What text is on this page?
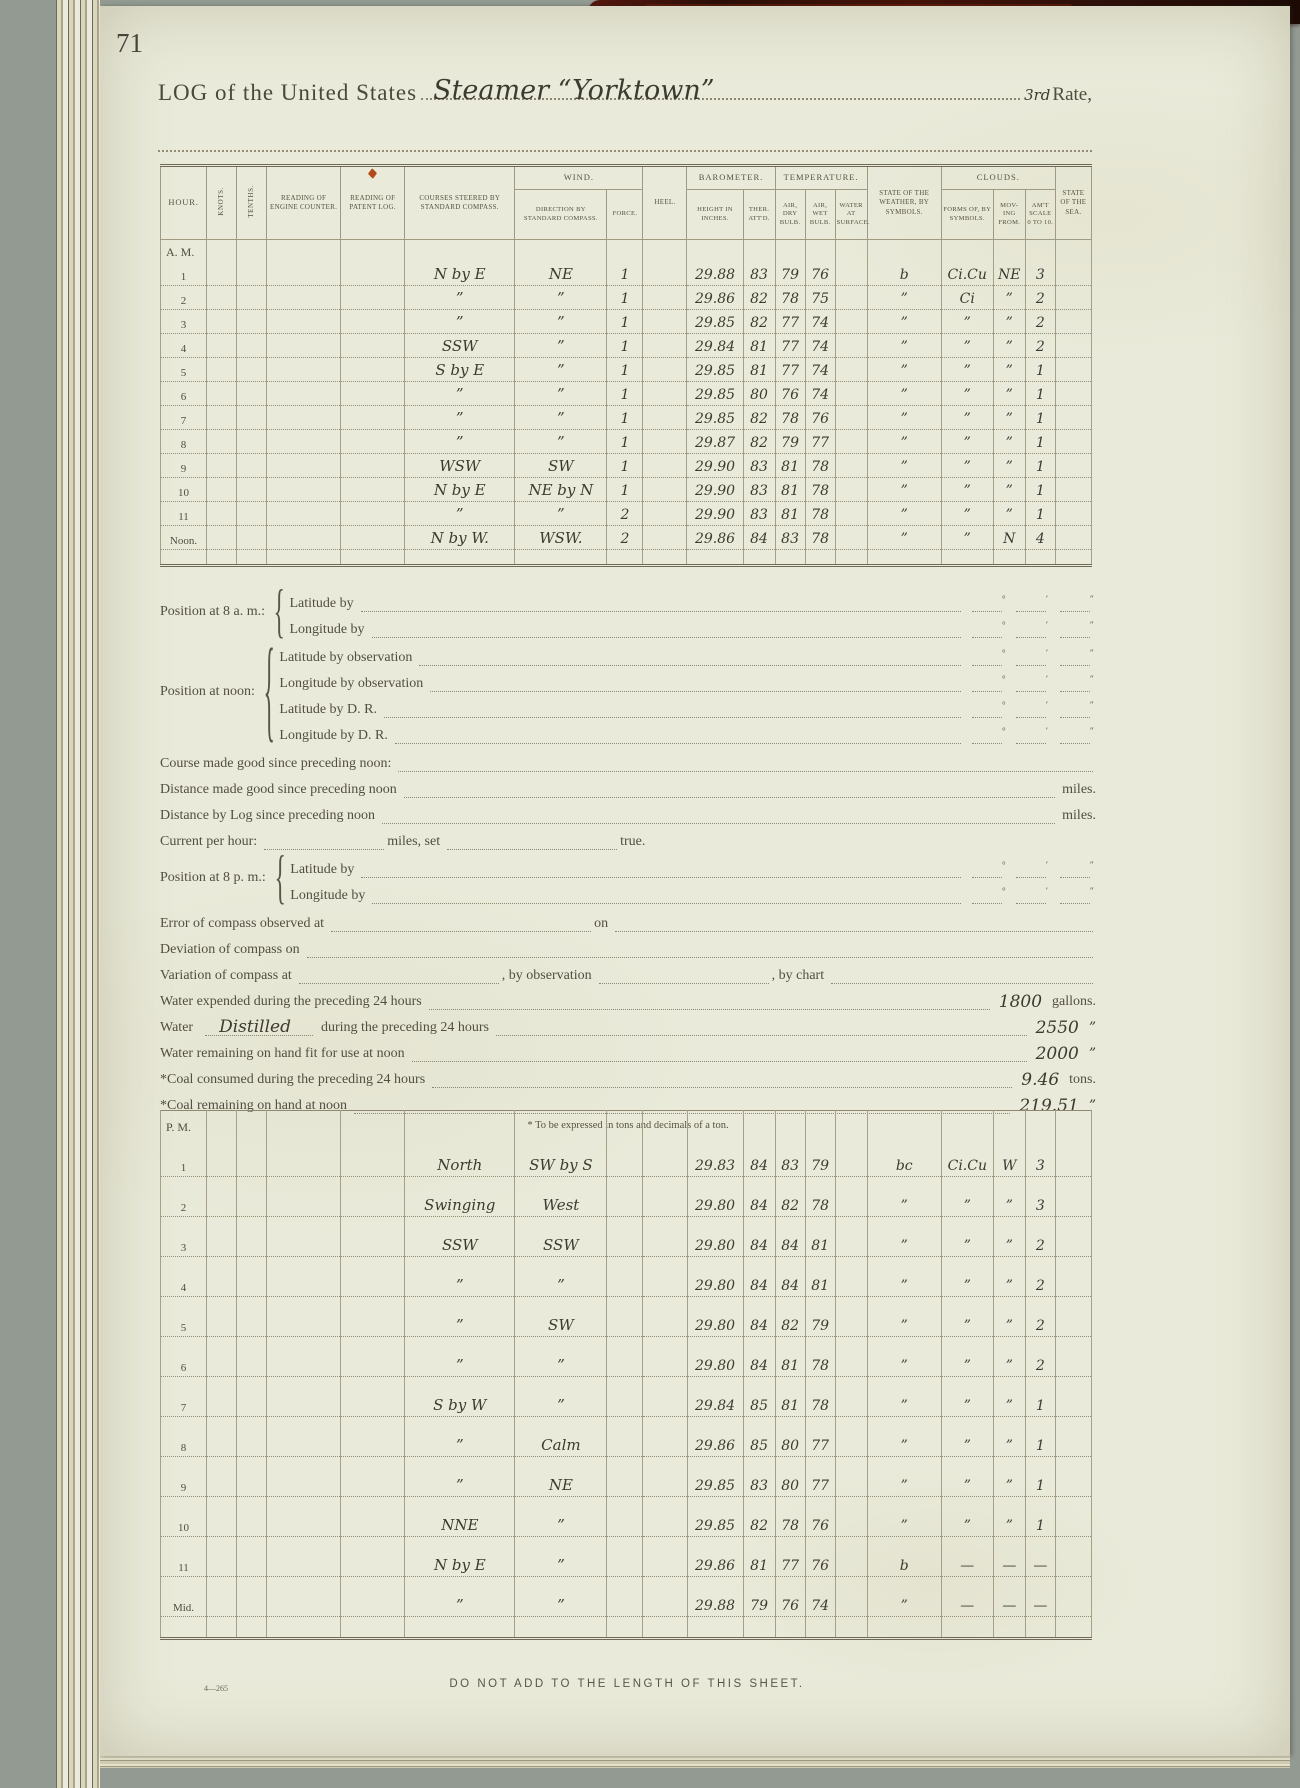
71
LOG of the United States Steamer “Yorktown”	3rd Rate,
HOUR.	KNOTS.	TENTHS.	READING OF ENGINE COUNTER.	READING OF PATENT LOG.	COURSES STEERED BY STANDARD COMPASS.	WIND.		HEEL.	BAROMETER.		TEMPERATURE.			STATE OF THE WEATHER, BY SYMBOLS.	CLOUDS.			STATE OF THE SEA.
						DIRECTION BY STANDARD COMPASS.	FORCE.		HEIGHT IN INCHES.	THER. ATT'D.	AIR, DRY BULB.	AIR, WET BULB.	WATER AT SURFACE.		FORMS OF, BY SYMBOLS.	MOV-ING FROM.	AM'T SCALE 0 TO 10.	
A. M.																		
1					N by E	NE	1		29.88	83	79	76		b	Ci.Cu	NE	3	
2					”	”	1		29.86	82	78	75		”	Ci	”	2	
3					”	”	1		29.85	82	77	74		”	”	”	2	
4					SSW	”	1		29.84	81	77	74		”	”	”	2	
5					S by E	”	1		29.85	81	77	74		”	”	”	1	
6					”	”	1		29.85	80	76	74		”	”	”	1	
7					”	”	1		29.85	82	78	76		”	”	”	1	
8					”	”	1		29.87	82	79	77		”	”	”	1	
9					WSW	SW	1		29.90	83	81	78		”	”	”	1	
10					N by E	NE by N	1		29.90	83	81	78		”	”	”	1	
11					”	”	2		29.90	83	81	78		”	”	”	1	
Noon.					N by W.	WSW.	2		29.86	84	83	78		”	”	N	4	

Position at 8 a. m.: { Latitude by	°	′	″
Longitude by	°	′	″
Position at noon: { Latitude by observation	°	′	″
Longitude by observation	°	′	″
Latitude by D. R.	°	′	″
Longitude by D. R.	°	′	″
Course made good since preceding noon:
Distance made good since preceding noon	miles.
Distance by Log since preceding noon	miles.
Current per hour:	miles, set	true.
Position at 8 p. m.: { Latitude by	°	′	″
Longitude by	°	′	″
Error of compass observed at	on
Deviation of compass on
Variation of compass at	, by observation	, by chart
Water expended during the preceding 24 hours	1800 gallons.
Water	Distilled	during the preceding 24 hours	2550 ”
Water remaining on hand fit for use at noon	2000 ”
*Coal consumed during the preceding 24 hours	9.46 tons.
*Coal remaining on hand at noon	219.51 ”
* To be expressed in tons and decimals of a ton.
P. M.																		
1					North	SW by S			29.83	84	83	79		bc	Ci.Cu	W	3	
2					Swinging	West			29.80	84	82	78		”	”	”	3	
3					SSW	SSW			29.80	84	84	81		”	”	”	2	
4					”	”			29.80	84	84	81		”	”	”	2	
5					”	SW			29.80	84	82	79		”	”	”	2	
6					”	”			29.80	84	81	78		”	”	”	2	
7					S by W	”			29.84	85	81	78		”	”	”	1	
8					”	Calm			29.86	85	80	77		”	”	”	1	
9					”	NE			29.85	83	80	77		”	”	”	1	
10					NNE	”			29.85	82	78	76		”	”	”	1	
11					N by E	”			29.86	81	77	76		b	—	—	—	
Mid.					”	”			29.88	79	76	74		”	—	—	—	

4—265	DO NOT ADD TO THE LENGTH OF THIS SHEET.
